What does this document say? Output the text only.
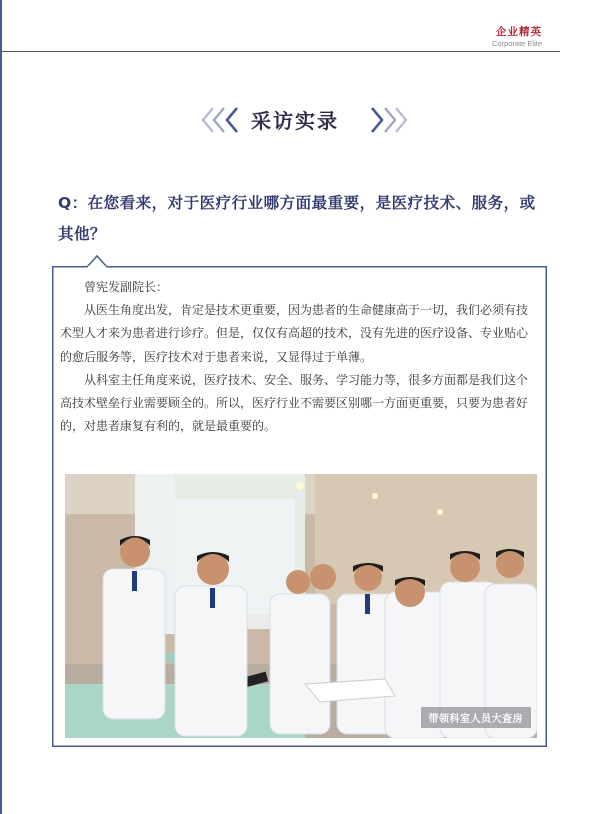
企业精英
Corporate Elite
采访实录
Q：在您看来，对于医疗行业哪方面最重要，是医疗技术、服务，或其他？

曾宪发副院长：

从医生角度出发，肯定是技术更重要，因为患者的生命健康高于一切，我们必须有技术型人才来为患者进行诊疗。但是，仅仅有高超的技术，没有先进的医疗设备、专业贴心的愈后服务等，医疗技术对于患者来说，又显得过于单薄。

从科室主任角度来说，医疗技术、安全、服务、学习能力等，很多方面都是我们这个高技术壁垒行业需要顾全的。所以，医疗行业不需要区别哪一方面更重要，只要为患者好的，对患者康复有利的，就是最重要的。

带领科室人员大查房
